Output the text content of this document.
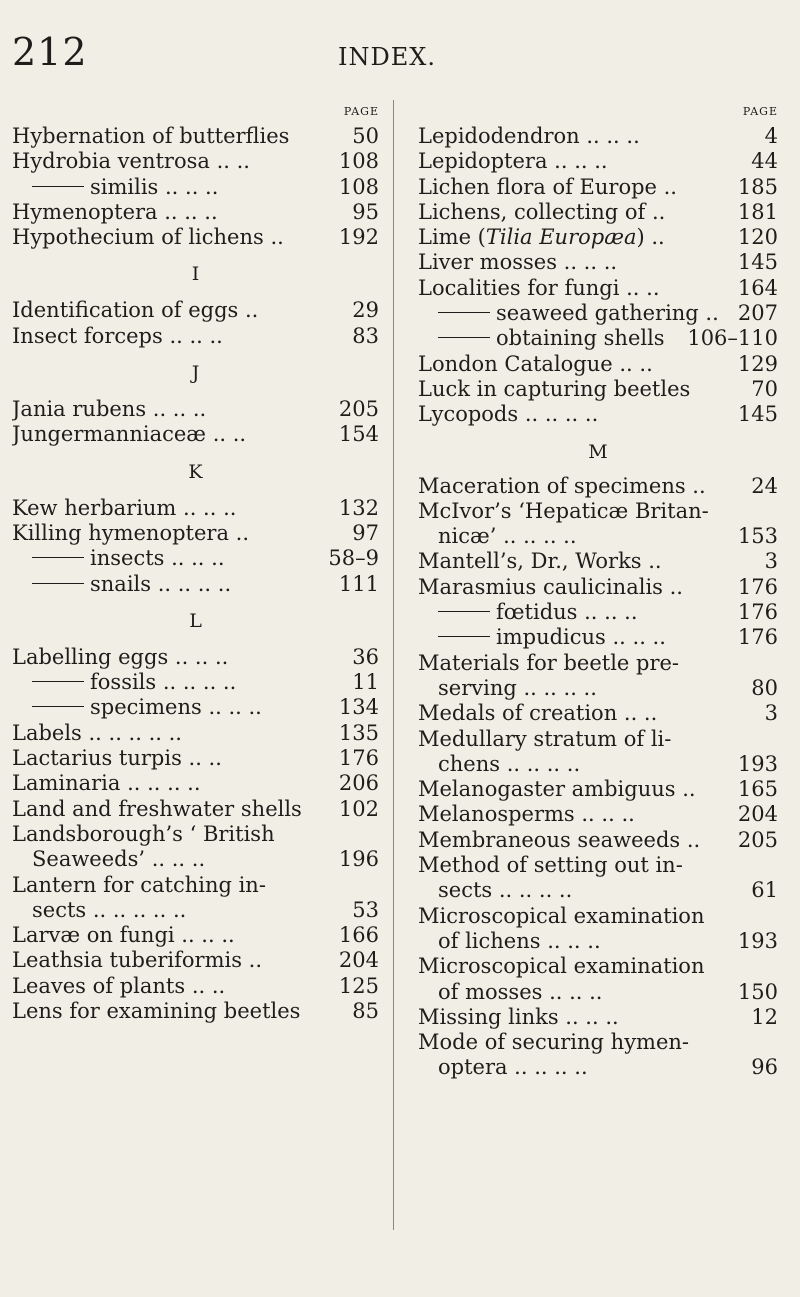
212	INDEX.
PAGE
Hybernation of butterflies	50
Hydrobia ventrosa .. ..	108
similis .. .. ..	108
Hymenoptera .. .. ..	95
Hypothecium of lichens ..	192
I
Identification of eggs ..	29
Insect forceps .. .. ..	83
J
Jania rubens .. .. ..	205
Jungermanniaceæ .. ..	154
K
Kew herbarium .. .. ..	132
Killing hymenoptera ..	97
insects .. .. ..	58–9
snails .. .. .. ..	111
L
Labelling eggs .. .. ..	36
fossils .. .. .. ..	11
specimens .. .. ..	134
Labels .. .. .. .. ..	135
Lactarius turpis .. ..	176
Laminaria .. .. .. ..	206
Land and freshwater shells	102
Landsborough’s ‘ British
Seaweeds’ .. .. ..	196
Lantern for catching in-
sects .. .. .. .. ..	53
Larvæ on fungi .. .. ..	166
Leathsia tuberiformis ..	204
Leaves of plants .. ..	125
Lens for examining beetles	85
PAGE
Lepidodendron .. .. ..	4
Lepidoptera .. .. ..	44
Lichen flora of Europe ..	185
Lichens, collecting of ..	181
Lime (Tilia Europæa) ..	120
Liver mosses .. .. ..	145
Localities for fungi .. ..	164
seaweed gathering .. 207
obtaining shells	106–110
London Catalogue .. ..	129
Luck in capturing beetles	70
Lycopods .. .. .. ..	145
M
Maceration of specimens ..	24
McIvor’s ‘Hepaticæ Britan-
nicæ’ .. .. .. ..	153
Mantell’s, Dr., Works ..	3
Marasmius caulicinalis ..	176
fœtidus .. .. ..	176
impudicus .. .. ..	176
Materials for beetle pre-
serving .. .. .. ..	80
Medals of creation .. ..	3
Medullary stratum of li-
chens .. .. .. ..	193
Melanogaster ambiguus ..	165
Melanosperms .. .. ..	204
Membraneous seaweeds ..	205
Method of setting out in-
sects .. .. .. ..	61
Microscopical examination
of lichens .. .. ..	193
Microscopical examination
of mosses .. .. ..	150
Missing links .. .. ..	12
Mode of securing hymen-
optera .. .. .. ..	96
